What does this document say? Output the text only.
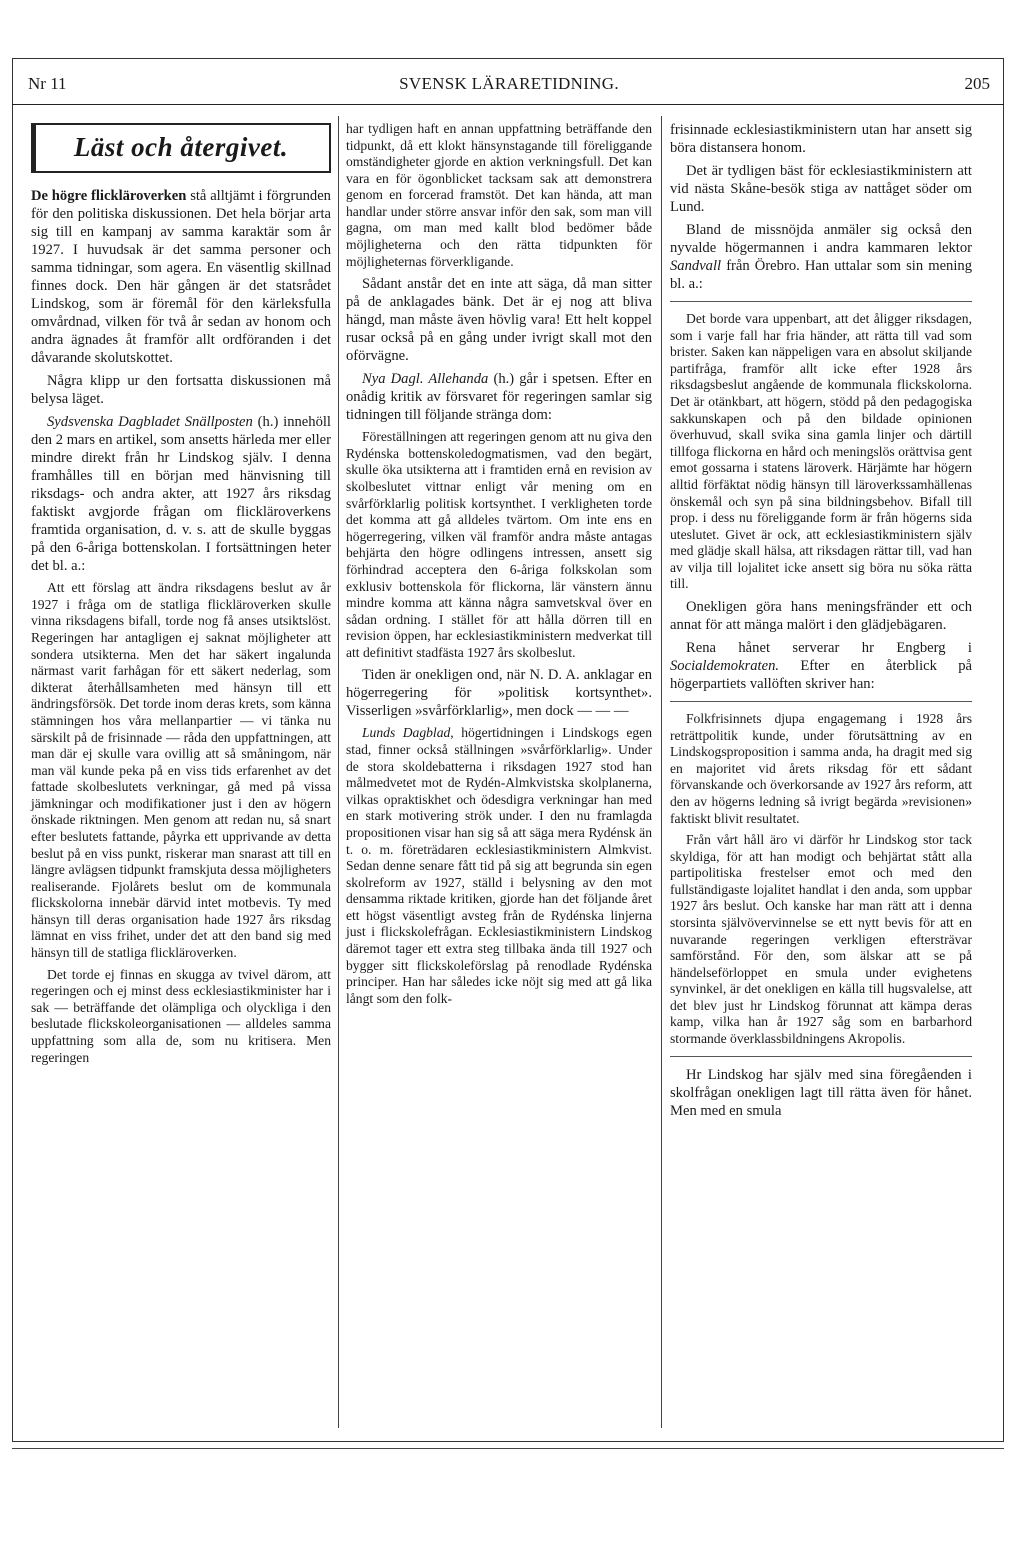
Nr 11	SVENSK LÄRARETIDNING.	205
Läst och återgivet.

De högre flickläroverken stå alltjämt i förgrunden för den politiska diskussionen. Det hela börjar arta sig till en kampanj av samma karaktär som år 1927. I huvudsak är det samma personer och samma tidningar, som agera. En väsentlig skillnad finnes dock. Den här gången är det statsrådet Lindskog, som är föremål för den kärleksfulla omvårdnad, vilken för två år sedan av honom och andra ägnades åt framför allt ordföranden i det dåvarande skolutskottet.

Några klipp ur den fortsatta diskussionen må belysa läget.

Sydsvenska Dagbladet Snällposten (h.) innehöll den 2 mars en artikel, som ansetts härleda mer eller mindre direkt från hr Lindskog själv. I denna framhålles till en början med hänvisning till riksdags- och andra akter, att 1927 års riksdag faktiskt avgjorde frågan om flickläroverkens framtida organisation, d. v. s. att de skulle byggas på den 6-åriga bottenskolan. I fortsättningen heter det bl. a.:

Att ett förslag att ändra riksdagens beslut av år 1927 i fråga om de statliga flickläroverken skulle vinna riksdagens bifall, torde nog få anses utsiktslöst. Regeringen har antagligen ej saknat möjligheter att sondera utsikterna. Men det har säkert ingalunda närmast varit farhågan för ett säkert nederlag, som dikterat återhållsamheten med hänsyn till ett ändringsförsök. Det torde inom deras krets, som känna stämningen hos våra mellanpartier — vi tänka nu särskilt på de frisinnade — råda den uppfattningen, att man där ej skulle vara ovillig att så småningom, när man väl kunde peka på en viss tids erfarenhet av det fattade skolbeslutets verkningar, gå med på vissa jämkningar och modifikationer just i den av högern önskade riktningen. Men genom att redan nu, så snart efter beslutets fattande, påyrka ett upprivande av detta beslut på en viss punkt, riskerar man snarast att till en längre avlägsen tidpunkt framskjuta dessa möjligheters realiserande. Fjolårets beslut om de kommunala flickskolorna innebär därvid intet motbevis. Ty med hänsyn till deras organisation hade 1927 års riksdag lämnat en viss frihet, under det att den band sig med hänsyn till de statliga flickläroverken.

Det torde ej finnas en skugga av tvivel därom, att regeringen och ej minst dess ecklesiastikminister har i sak — beträffande det olämpliga och olyckliga i den beslutade flickskoleorganisationen — alldeles samma uppfattning som alla de, som nu kritisera. Men regeringen

har tydligen haft en annan uppfattning beträffande den tidpunkt, då ett klokt hänsynstagande till föreliggande omständigheter gjorde en aktion verkningsfull. Det kan vara en för ögonblicket tacksam sak att demonstrera genom en forcerad framstöt. Det kan hända, att man handlar under större ansvar inför den sak, som man vill gagna, om man med kallt blod bedömer både möjligheterna och den rätta tidpunkten för möjligheternas förverkligande.

Sådant anstår det en inte att säga, då man sitter på de anklagades bänk. Det är ej nog att bliva hängd, man måste även hövlig vara! Ett helt koppel rusar också på en gång under ivrigt skall mot den oförvägne.

Nya Dagl. Allehanda (h.) går i spetsen. Efter en onådig kritik av försvaret för regeringen samlar sig tidningen till följande stränga dom:

Föreställningen att regeringen genom att nu giva den Rydénska bottenskoledogmatismen, vad den begärt, skulle öka utsikterna att i framtiden ernå en revision av skolbeslutet vittnar enligt vår mening om en svårförklarlig politisk kortsynthet. I verkligheten torde det komma att gå alldeles tvärtom. Om inte ens en högerregering, vilken väl framför andra måste antagas behjärta den högre odlingens intressen, ansett sig förhindrad acceptera den 6-åriga folkskolan som exklusiv bottenskola för flickorna, lär vänstern ännu mindre komma att känna några samvetskval över en sådan ordning. I stället för att hålla dörren till en revision öppen, har ecklesiastikministern medverkat till att definitivt stadfästa 1927 års skolbeslut.

Tiden är onekligen ond, när N. D. A. anklagar en högerregering för »politisk kortsynthet». Visserligen »svårförklarlig», men dock — — —

Lunds Dagblad, högertidningen i Lindskogs egen stad, finner också ställningen »svårförklarlig». Under de stora skoldebatterna i riksdagen 1927 stod han målmedvetet mot de Rydén-Almkvistska skolplanerna, vilkas opraktiskhet och ödesdigra verkningar han med en stark motivering strök under. I den nu framlagda propositionen visar han sig så att säga mera Rydénsk än t. o. m. företrädaren ecklesiastikministern Almkvist. Sedan denne senare fått tid på sig att begrunda sin egen skolreform av 1927, ställd i belysning av den mot densamma riktade kritiken, gjorde han det följande året ett högst väsentligt avsteg från de Rydénska linjerna just i flickskolefrågan. Ecklesiastikministern Lindskog däremot tager ett extra steg tillbaka ända till 1927 och bygger sitt flickskoleförslag på renodlade Rydénska principer. Han har således icke nöjt sig med att gå lika långt som den folk-

frisinnade ecklesiastikministern utan har ansett sig böra distansera honom.

Det är tydligen bäst för ecklesiastikministern att vid nästa Skåne-besök stiga av nattåget söder om Lund.

Bland de missnöjda anmäler sig också den nyvalde högermannen i andra kammaren lektor Sandvall från Örebro. Han uttalar som sin mening bl. a.:

Det borde vara uppenbart, att det åligger riksdagen, som i varje fall har fria händer, att rätta till vad som brister. Saken kan näppeligen vara en absolut skiljande partifråga, framför allt icke efter 1928 års riksdagsbeslut angående de kommunala flickskolorna. Det är otänkbart, att högern, stödd på den pedagogiska sakkunskapen och på den bildade opinionen överhuvud, skall svika sina gamla linjer och därtill tillfoga flickorna en hård och meningslös orättvisa gent emot gossarna i statens läroverk. Härjämte har högern alltid förfäktat nödig hänsyn till läroverkssamhällenas önskemål och syn på sina bildningsbehov. Bifall till prop. i dess nu föreliggande form är från högerns sida uteslutet. Givet är ock, att ecklesiastikministern själv med glädje skall hälsa, att riksdagen rättar till, vad han av vilja till lojalitet icke ansett sig böra nu söka rätta till.

Onekligen göra hans meningsfränder ett och annat för att mänga malört i den glädjebägaren.

Rena hånet serverar hr Engberg i Socialdemokraten. Efter en återblick på högerpartiets vallöften skriver han:

Folkfrisinnets djupa engagemang i 1928 års reträttpolitik kunde, under förutsättning av en Lindskogsproposition i samma anda, ha dragit med sig en majoritet vid årets riksdag för ett sådant förvanskande och överkorsande av 1927 års reform, att den av högerns ledning så ivrigt begärda »revisionen» faktiskt blivit resultatet.

Från vårt håll äro vi därför hr Lindskog stor tack skyldiga, för att han modigt och behjärtat stått alla partipolitiska frestelser emot och med den fullständigaste lojalitet handlat i den anda, som uppbar 1927 års beslut. Och kanske har man rätt att i denna storsinta självövervinnelse se ett nytt bevis för att en nuvarande regeringen verkligen eftersträvar samförstånd. För den, som älskar att se på händelseförloppet en smula under evighetens synvinkel, är det onekligen en källa till hugsvalelse, att det blev just hr Lindskog förunnat att kämpa deras kamp, vilka han år 1927 såg som en barbarhord stormande överklassbildningens Akropolis.

Hr Lindskog har själv med sina föregåenden i skolfrågan onekligen lagt till rätta även för hånet. Men med en smula
